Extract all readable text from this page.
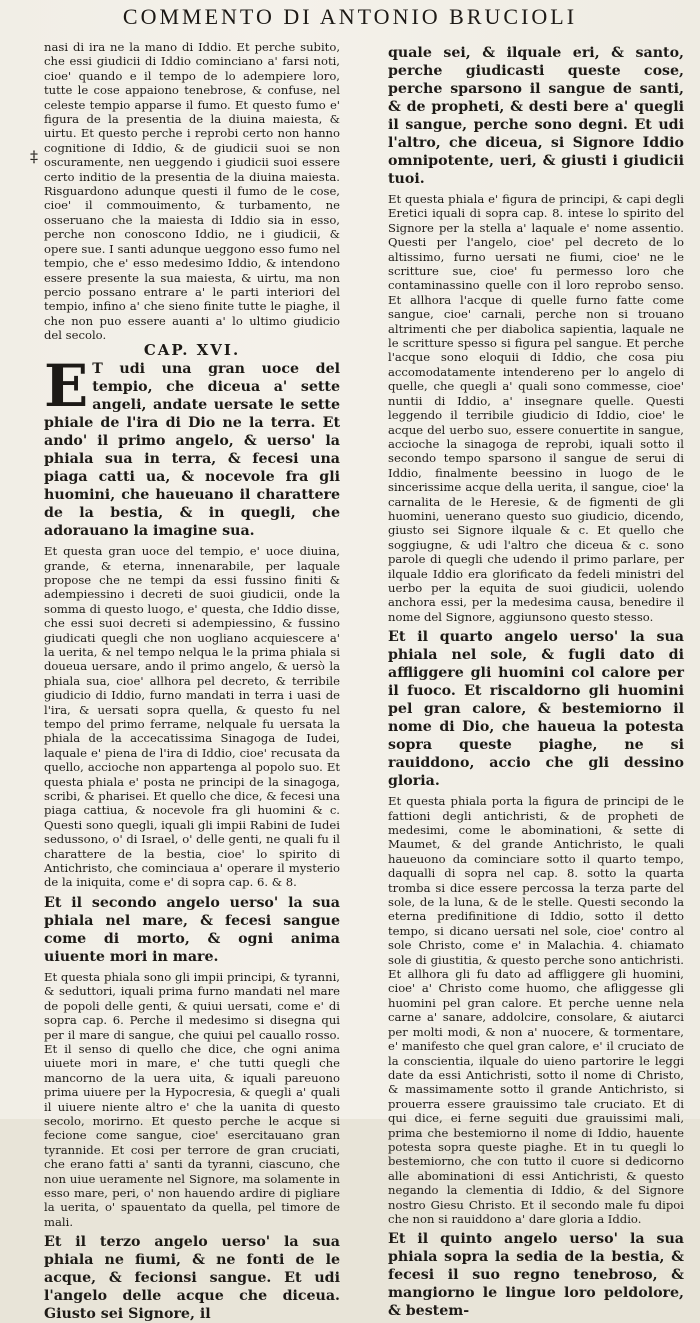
COMMENTO DI ANTONIO BRUCIOLI
‡

nasi di ira ne la mano di Iddio. Et perche subito, che essi giudicii di Iddio cominciano a' farsi noti, cioe' quando e il tempo de lo adempiere loro, tutte le cose appaiono tenebrose, & confuse, nel celeste tempio apparse il fumo. Et questo fumo e' figura de la presentia de la diuina maiesta, & uirtu. Et questo perche i reprobi certo non hanno cognitione di Iddio, & de giudicii suoi se non oscuramente, nen ueggendo i giudicii suoi essere certo inditio de la presentia de la diuina maiesta. Risguardono adunque questi il fumo de le cose, cioe' il commouimento, & turbamento, ne osseruano che la maiesta di Iddio sia in esso, perche non conoscono Iddio, ne i giudicii, & opere sue. I santi adunque ueggono esso fumo nel tempio, che e' esso medesimo Iddio, & intendono essere presente la sua maiesta, & uirtu, ma non percio possano entrare a' le parti interiori del tempio, infino a' che sieno finite tutte le piaghe, il che non puo essere auanti a' lo ultimo giudicio del secolo.

CAP. XVI.

E T udi una gran uoce del tempio, che diceua a' sette angeli, andate uersate le sette phiale de l'ira di Dio ne la terra. Et ando' il primo angelo, & uerso' la phiala sua in terra, & fecesi una piaga catti ua, & nocevole fra gli huomini, che haueuano il charattere de la bestia, & in quegli, che adorauano la imagine sua.

Et questa gran uoce del tempio, e' uoce diuina, grande, & eterna, innenarabile, per laquale propose che ne tempi da essi fussino finiti & adempiessino i decreti de suoi giudicii, onde la somma di questo luogo, e' questa, che Iddio disse, che essi suoi decreti si adempiessino, & fussino giudicati quegli che non uogliano acquiescere a' la uerita, & nel tempo nelqua le la prima phiala si doueua uersare, ando il primo angelo, & uersò la phiala sua, cioe' allhora pel decreto, & terribile giudicio di Iddio, furno mandati in terra i uasi de l'ira, & uersati sopra quella, & questo fu nel tempo del primo ferrame, nelquale fu uersata la phiala de la accecatissima Sinagoga de Iudei, laquale e' piena de l'ira di Iddio, cioe' recusata da quello, accioche non appartenga al popolo suo. Et questa phiala e' posta ne principi de la sinagoga, scribi, & pharisei. Et quello che dice, & fecesi una piaga cattiua, & nocevole fra gli huomini & c. Questi sono quegli, iquali gli impii Rabini de Iudei sedussono, o' di Israel, o' delle genti, ne quali fu il charattere de la bestia, cioe' lo spirito di Antichristo, che cominciaua a' operare il mysterio de la iniquita, come e' di sopra cap. 6. & 8.

Et il secondo angelo uerso' la sua phiala nel mare, & fecesi sangue come di morto, & ogni anima uiuente mori in mare.

Et questa phiala sono gli impii principi, & tyranni, & seduttori, iquali prima furno mandati nel mare de popoli delle genti, & quiui uersati, come e' di sopra cap. 6. Perche il medesimo si disegna qui per il mare di sangue, che quiui pel cauallo rosso. Et il senso di quello che dice, che ogni anima uiuete mori in mare, e' che tutti quegli che mancorno de la uera uita, & iquali pareuono prima uiuere per la Hypocresia, & quegli a' quali il uiuere niente altro e' che la uanita di questo secolo, morirno. Et questo perche le acque si fecione come sangue, cioe' esercitauano gran tyrannide. Et cosi per terrore de gran cruciati, che erano fatti a' santi da tyranni, ciascuno, che non uiue ueramente nel Signore, ma solamente in esso mare, peri, o' non hauendo ardire di pigliare la uerita, o' spauentato da quella, pel timore de mali.

Et il terzo angelo uerso' la sua phiala ne fiumi, & ne fonti de le acque, & fecionsi sangue. Et udi l'angelo delle acque che diceua. Giusto sei Signore, il

quale sei, & ilquale eri, & santo, perche giudicasti queste cose, perche sparsono il sangue de santi, & de propheti, & desti bere a' quegli il sangue, perche sono degni. Et udi l'altro, che diceua, si Signore Iddio omnipotente, ueri, & giusti i giudicii tuoi.

Et questa phiala e' figura de principi, & capi degli Eretici iquali di sopra cap. 8. intese lo spirito del Signore per la stella a' laquale e' nome assentio. Questi per l'angelo, cioe' pel decreto de lo altissimo, furno uersati ne fiumi, cioe' ne le scritture sue, cioe' fu permesso loro che contaminassino quelle con il loro reprobo senso. Et allhora l'acque di quelle furno fatte come sangue, cioe' carnali, perche non si trouano altrimenti che per diabolica sapientia, laquale ne le scritture spesso si figura pel sangue. Et perche l'acque sono eloquii di Iddio, che cosa piu accomodatamente intendereno per lo angelo di quelle, che quegli a' quali sono commesse, cioe' nuntii di Iddio, a' insegnare quelle. Questi leggendo il terribile giudicio di Iddio, cioe' le acque del uerbo suo, essere conuertite in sangue, accioche la sinagoga de reprobi, iquali sotto il secondo tempo sparsono il sangue de serui di Iddio, finalmente beessino in luogo de le sincerissime acque della uerita, il sangue, cioe' la carnalita de le Heresie, & de figmenti de gli huomini, uenerano questo suo giudicio, dicendo, giusto sei Signore ilquale & c. Et quello che soggiugne, & udi l'altro che diceua & c. sono parole di quegli che udendo il primo parlare, per ilquale Iddio era glorificato da fedeli ministri del uerbo per la equita de suoi giudicii, uolendo anchora essi, per la medesima causa, benedire il nome del Signore, aggiunsono questo stesso.

Et il quarto angelo uerso' la sua phiala nel sole, & fugli dato di affliggere gli huomini col calore per il fuoco. Et riscaldorno gli huomini pel gran calore, & bestemiorno il nome di Dio, che haueua la potesta sopra queste piaghe, ne si rauiddono, accio che gli dessino gloria.

Et questa phiala porta la figura de principi de le fattioni degli antichristi, & de propheti de medesimi, come le abominationi, & sette di Maumet, & del grande Antichristo, le quali haueuono da cominciare sotto il quarto tempo, daqualli di sopra nel cap. 8. sotto la quarta tromba si dice essere percossa la terza parte del sole, de la luna, & de le stelle. Questi secondo la eterna predifinitione di Iddio, sotto il detto tempo, si dicano uersati nel sole, cioe' contro al sole Christo, come e' in Malachia. 4. chiamato sole di giustitia, & questo perche sono antichristi. Et allhora gli fu dato ad affliggere gli huomini, cioe' a' Christo come huomo, che afliggesse gli huomini pel gran calore. Et perche uenne nela carne a' sanare, addolcire, consolare, & aiutarci per molti modi, & non a' nuocere, & tormentare, e' manifesto che quel gran calore, e' il cruciato de la conscientia, ilquale do uieno partorire le leggi date da essi Antichristi, sotto il nome di Christo, & massimamente sotto il grande Antichristo, si prouerra essere grauissimo tale cruciato. Et di qui dice, ei ferne seguiti due grauissimi mali, prima che bestemiorno il nome di Iddio, hauente potesta sopra queste piaghe. Et in tu quegli lo bestemiorno, che con tutto il cuore si dedicorno alle abominationi di essi Antichristi, & questo negando la clementia di Iddio, & del Signore nostro Giesu Christo. Et il secondo male fu dipoi che non si rauiddono a' dare gloria a Iddio.

Et il quinto angelo uerso' la sua phiala sopra la sedia de la bestia, & fecesi il suo regno tenebroso, & mangiorno le lingue loro peldolore, & bestem-
